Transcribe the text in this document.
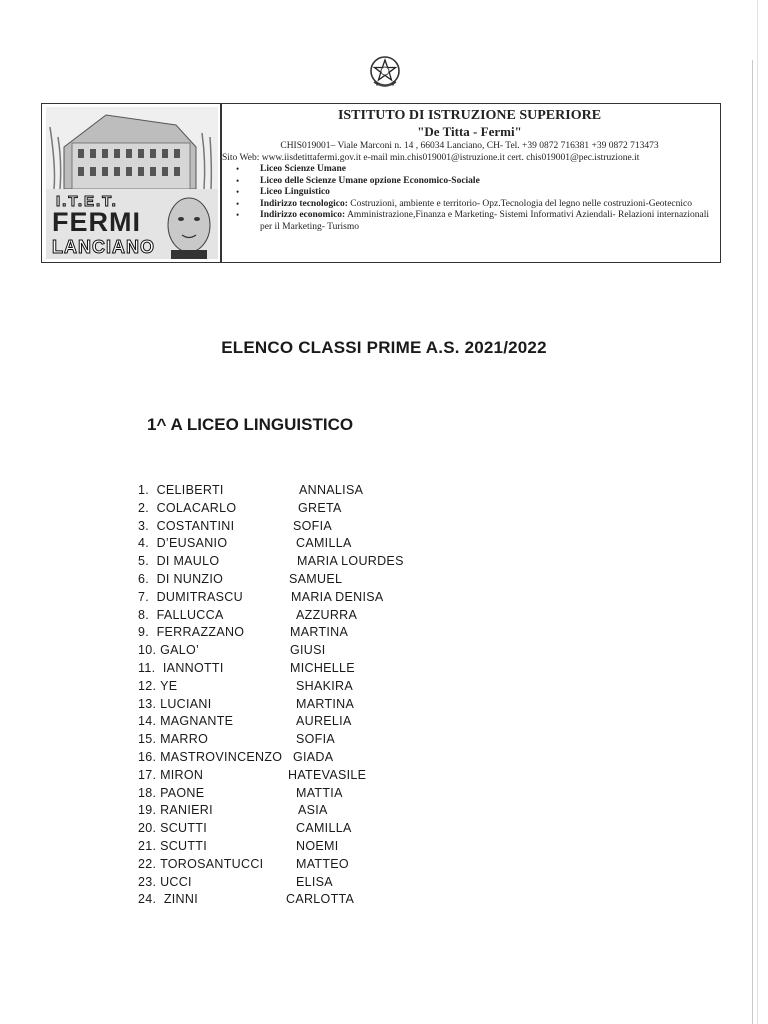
I.T.E.T.
FERMI
LANCIANO
ISTITUTO DI ISTRUZIONE SUPERIORE
"De Titta - Fermi"
CHIS019001– Viale Marconi n. 14 , 66034 Lanciano, CH- Tel. +39 0872 716381 +39 0872 713473
Sito Web: www.iisdetittafermi.gov.it e-mail min.chis019001@istruzione.it cert. chis019001@pec.istruzione.it
• Liceo Scienze Umane
• Liceo delle Scienze Umane opzione Economico-Sociale
• Liceo Linguistico
• Indirizzo tecnologico: Costruzioni, ambiente e territorio- Opz.Tecnologia del legno nelle costruzioni-Geotecnico
• Indirizzo economico: Amministrazione,Finanza e Marketing- Sistemi Informativi Aziendali- Relazioni internazionali per il Marketing- Turismo
ELENCO CLASSI PRIME A.S. 2021/2022
1^ A LICEO LINGUISTICO
1. CELIBERTI	ANNALISA
2. COLACARLO	GRETA
3. COSTANTINI	SOFIA
4. D’EUSANIO	CAMILLA
5. DI MAULO	MARIA LOURDES
6. DI NUNZIO	SAMUEL
7. DUMITRASCU	MARIA DENISA
8. FALLUCCA	AZZURRA
9. FERRAZZANO	MARTINA
10. GALO’	GIUSI
11. IANNOTTI	MICHELLE
12. YE	SHAKIRA
13. LUCIANI	MARTINA
14. MAGNANTE	AURELIA
15. MARRO	SOFIA
16. MASTROVINCENZO GIADA
17. MIRON	HATEVASILE
18. PAONE	MATTIA
19. RANIERI	ASIA
20. SCUTTI	CAMILLA
21. SCUTTI	NOEMI
22. TOROSANTUCCI	MATTEO
23. UCCI	ELISA
24. ZINNI	CARLOTTA
